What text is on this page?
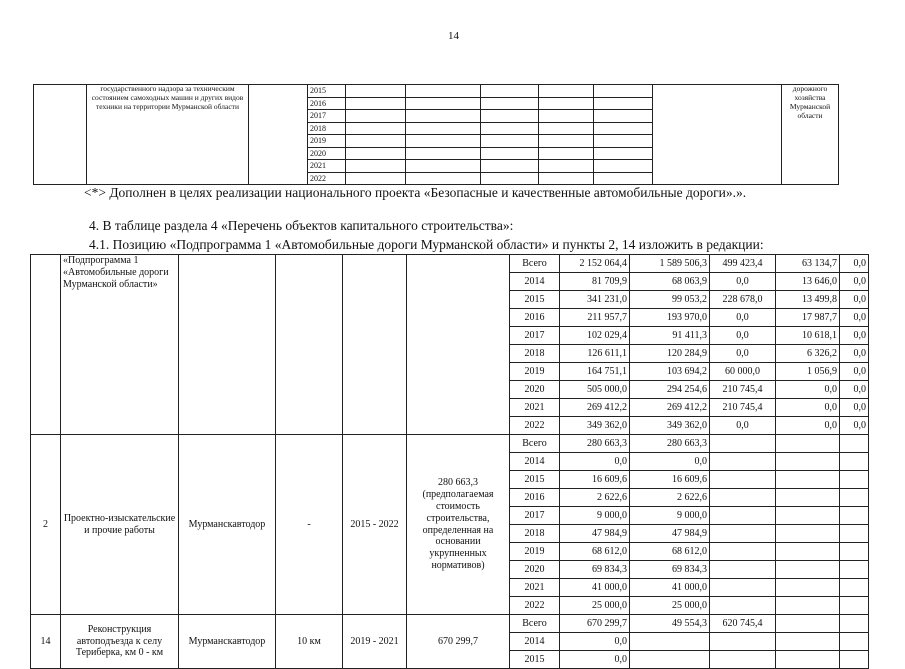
14
	государственного надзора за техническим состоянием самоходных машин и других видов техники на территории Мурманской области		2015							дорожного хозяйства Мурманской области
			2016							
			2017							
			2018							
			2019							
			2020							
			2021							
			2022							
<*> Дополнен в целях реализации национального проекта «Безопасные и качественные автомобильные дороги».».
4. В таблице раздела 4 «Перечень объектов капитального строительства»:
4.1. Позицию «Подпрограмма 1 «Автомобильные дороги Мурманской области» и пункты 2, 14 изложить в редакции:
	«Подпрограмма 1 «Автомобильные дороги Мурманской области»					Всего	2 152 064,4	1 589 506,3	499 423,4	63 134,7	0,0
						2014	81 709,9	68 063,9	0,0	13 646,0	0,0
						2015	341 231,0	99 053,2	228 678,0	13 499,8	0,0
						2016	211 957,7	193 970,0	0,0	17 987,7	0,0
						2017	102 029,4	91 411,3	0,0	10 618,1	0,0
						2018	126 611,1	120 284,9	0,0	6 326,2	0,0
						2019	164 751,1	103 694,2	60 000,0	1 056,9	0,0
						2020	505 000,0	294 254,6	210 745,4	0,0	0,0
						2021	269 412,2	269 412,2	210 745,4	0,0	0,0
						2022	349 362,0	349 362,0	0,0	0,0	0,0
2	Проектно-изыскательские и прочие работы	Мурманскавтодор	-	2015 - 2022	280 663,3 (предполагаемая стоимость строительства, определенная на основании укрупненных нормативов)	Всего	280 663,3	280 663,3			
						2014	0,0	0,0			
						2015	16 609,6	16 609,6			
						2016	2 622,6	2 622,6			
						2017	9 000,0	9 000,0			
						2018	47 984,9	47 984,9			
						2019	68 612,0	68 612,0			
						2020	69 834,3	69 834,3			
						2021	41 000,0	41 000,0			
						2022	25 000,0	25 000,0			
14	Реконструкция автоподъезда к селу Териберка, км 0 - км	Мурманскавтодор	10 км	2019 - 2021	670 299,7	Всего	670 299,7	49 554,3	620 745,4		
						2014	0,0				
						2015	0,0				
